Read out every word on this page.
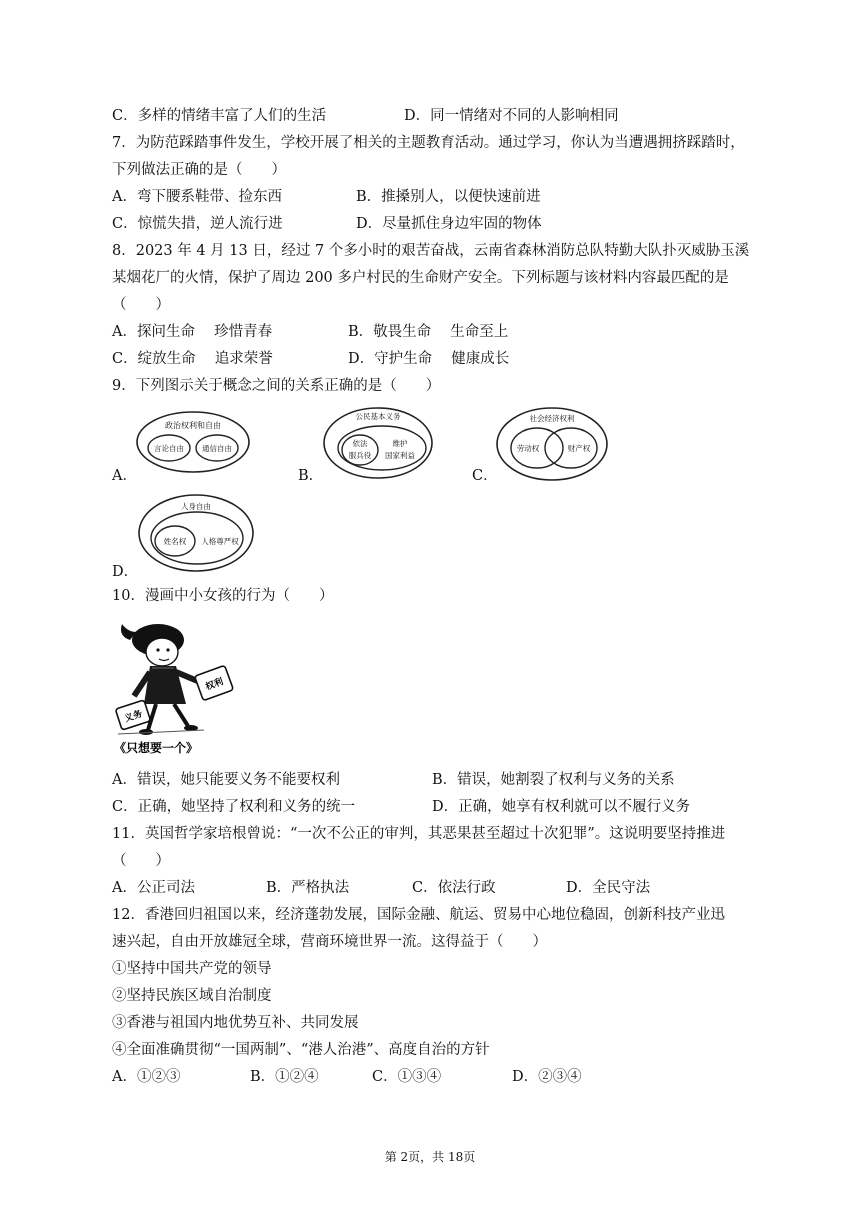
C．多样的情绪丰富了人们的生活	D．同一情绪对不同的人影响相同
7．为防范踩踏事件发生，学校开展了相关的主题教育活动。通过学习，你认为当遭遇拥挤踩踏时，
下列做法正确的是（　　）
A．弯下腰系鞋带、捡东西	B．推搡别人，以便快速前进
C．惊慌失措，逆人流行进	D．尽量抓住身边牢固的物体
8．2023 年 4 月 13 日，经过 7 个多小时的艰苦奋战，云南省森林消防总队特勤大队扑灭威胁玉溪
某烟花厂的火情，保护了周边 200 多户村民的生命财产安全。下列标题与该材料内容最匹配的是
（　　）
A．探问生命　 珍惜青春	B．敬畏生命　 生命至上
C．绽放生命　 追求荣誉	D．守护生命　 健康成长
9．下列图示关于概念之间的关系正确的是（　　）
A．
政治权利和自由
言论自由 通信自由
B．
公民基本义务
依法
服兵役
维护
国家利益
C．
社会经济权利
劳动权	财产权
D．
人身自由
姓名权 人格尊严权
10．漫画中小女孩的行为（　　）
义务
权利
《只想要一个》
A．错误，她只能要义务不能要权利	B．错误，她割裂了权利与义务的关系
C．正确，她坚持了权利和义务的统一	D．正确，她享有权利就可以不履行义务
11．英国哲学家培根曾说：“一次不公正的审判，其恶果甚至超过十次犯罪”。这说明要坚持推进
（　　）
A．公正司法	B．严格执法	C．依法行政	D．全民守法
12．香港回归祖国以来，经济蓬勃发展，国际金融、航运、贸易中心地位稳固，创新科技产业迅
速兴起，自由开放雄冠全球，营商环境世界一流。这得益于（　　）
①坚持中国共产党的领导
②坚持民族区域自治制度
③香港与祖国内地优势互补、共同发展
④全面准确贯彻“一国两制”、“港人治港”、高度自治的方针
A．①②③	B．①②④	C．①③④	D．②③④
第 2页，共 18页
